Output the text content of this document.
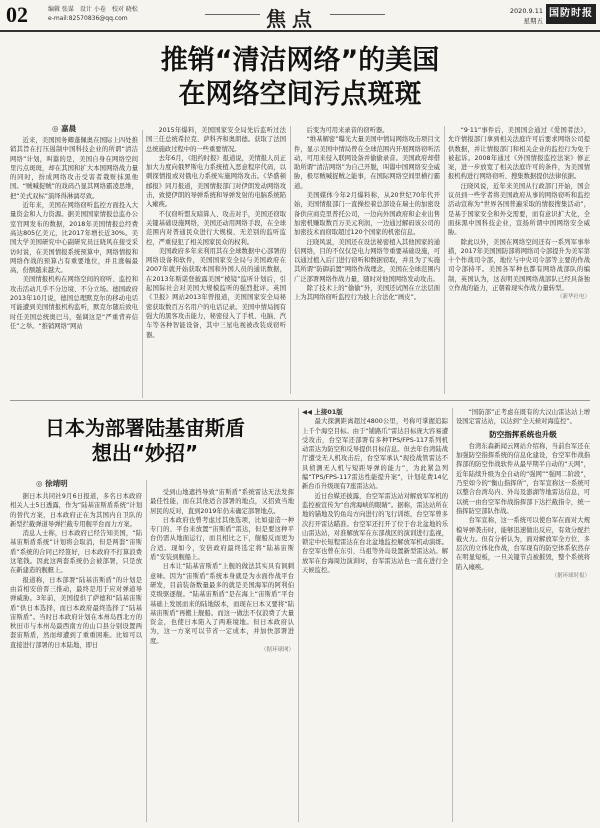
02	编辑 张谋　设计 小卷　校对 晓松
e-mail:82570836@qq.com	焦点	2020.9.11
星期五
国防时报
推销“清洁网络”的美国
在网络空间污点斑斑
◎ 嘉晨

近来，美国国务卿蓬佩奥在国际上四处推销其旨在打压遏制中国科技企业的所谓“清洁网络”计划，叫嚣的是，美国自身在网络空间里污点斑斑，却在其国和扩大本国网络战力量的同时，扮成网络攻击受害者栽赃抹黑他国。“贼喊捉贼”的戏码凸显其网络霸凌思维，把“美式双标”演绎得淋漓尽致。

近年来，美国在网络窃听监控方面投入大量资金和人力资源。据美国国家情报总监办公室官网发布的数据，2018年美国情报总经费高达805亿美元，比2017年增长近30%。美国大学美国研究中心副研究员汪晓风在接受采访时说，在美国情报系统预算中，网络情报和网络作战的预算占有重要地位，并且涨幅最高，份额越来越大。

美国情报机构在网络空间的窃听、监控和攻击活动几乎不分边境、不分立场。德国政府2013年10月说，德国总理默克尔的移动电话可能遭到美国情报机构监听，默克尔随后致电时任美国总统奥巴马，强调这是“严重背弃信任”之举。“推销网络”网站

2015年爆料，美国国家安全局先后监听过法国三任总统希拉克、萨科齐和奥朗德。获取了法国总统施政过程中的一些重要情况。

去年6月，《纽约时报》报道说，美情报人员正加大力度向俄罗斯电力系统植入恶意程序代码，以刺探情报或对俄电力系统实施网络攻击。《华盛顿邮报》同月报道，美国情报部门对伊朗发动网络攻击，致使伊朗的导弹系统和导弹发射的电脑系统陷入瘫痪。

不仅窃听盟友暗算人、攻击对手，美国还窃取关键基础设施网络，美国还动用网络手段，在全球范围内对普通民众进行大规模、无差别的监听监控，严重侵犯了相关国家民众的权利。

美国政府多年来利用其在全球数据中心部署的网络设备和软件，美国国家安全局与美国政府在2007年就开始获取本国和外国人员的通讯数据，在2013年斯诺登披露美国“棱镜”监听计划后，引起国际社会对美国大规模监听的强烈批评。英国《卫报》网站2013年曾报道，美国国家安全局秘密获取数百万名用户的电话记录。美国中情局拥有强大的黑客攻击能力，秘密侵入了手机、电脑、汽车等各种智能设备，其中三星电视被改装成窃听器。

后变为可用来录音的窃听器。

“维基解密”曝光大量美国中情局网络攻击项目文件，显示美国中情局曾在全球范围内开展网络窃听活动，可用来侵入联网设备并偷偷录音。美国政府却借助所谓“清洁网络”为自己开脱，叫嚣中国网络安全威胁，极尽贼喊捉贼之能事，在国际网络空间里横行霸道。

美国媒体今年2月爆料称，从20世纪70年代开始，美国情报部门一直操控着总部设在瑞士的加密设备供应商克里普托公司，一边向外国政府和企业出售加密机赚取数百万美元利润，一边通过解码该公司的加密技术而窃取超过120个国家的机密信息。

汪晓风说，美国还在设法秘密植入其他国家的通信网络，目的不仅仅是电力网络等重要基础设施，可以通过植入后门进行窃听和数据窃取，并且为了实施其所谓“防御前置”网络作战理念，美国在全球范围内广泛部署网络作战力量，随时对他国网络发动攻击。

除了技术上的“偷偷”外，美国还试图在立法层面上为其网络窃听监控行为披上合法化“画皮”。

“9·11”事件后，美国国会通过《爱国者法》，允许情报部门拿到相关法庭许可后要求网络公司提供数据，并让情报部门和相关企业的监控行为免于被起诉。2008年通过《外国情报监控法案》修正案，进一步放宽了相关法庭许可的条件，为美国情报机构进行网络窃听、搜集数据提供法律依据。

汪晓风说，近年来美国从行政部门开始，国会议员到一些学者将美国政府从事的网络窃听和监控活动宣称为“世界各国普遍采取的情报搜集活动”，是基于国家安全和外交需要，而有意识扩大化，全面抹黑中国科技企业，宣扬所谓中国网络安全威胁。

除此以外，美国在网络空间还有一系列军事举措，2017年美国国防部将网络司令部提升为美军第十个作战司令部，地位与中央司令部等主要的作战司令部持平。美国各军种也都有网络战部队的编制，英国认为，这表明美国网络战部队已经具备独立作战的能力，正朝着现实作战力量转型。

（新华社电）

日本为部署陆基宙斯盾
想出“妙招”
◎ 徐靖明

据日本共同社9月6日报道，多名日本政府相关人士5日透露，作为“陆基宙斯盾系统”计划的替代方案，日本政府正在为其国内自卫队的新型拦截弹道导弹拦截专用舰平台而力方案。

消息人士称，日本政府已经告知美国，“陆基宙斯盾系统”计划将会取消，但是两套“宙斯盾”系统的合同已经签好，日本政府不打算浪费这笔钱。因此这两套系统仍会被部署，只是放在新建造的舰艇上。

报道称，日本部署“陆基宙斯盾”的计划是由首相安倍晋三推动，最终是用于应对弹道导弹威胁。3年前，美国提供了萨德和“陆基宙斯盾”供日本选择，而日本政府最终选择了“陆基宙斯盾”。当时日本政府计划在本州岛西北方的秋田市与本州岛最西南方的山口县分别设置两套宙斯盾，然而却遭到了重重困难。比如可以直接进行部署的日本陆地，即日

受到山地遮挡导致“宙斯盾”系统雷达无法发挥最佳性能，而在其他适合部署的地点，又招致当地居民的反对，直到2019年仍未确定部署地点。

日本政府也曾考虑过其他选项，比如建造一种专门的、平台来放置“宙斯盾”雷达，但是要这种平台仍需从地面运行，而且相比之下，舰船反而更为合适。现如今，安倍政府最终选定将“陆基宙斯盾”安装到舰船上。

日本让“陆基宙斯盾”上舰的做法其实具有讽刺意味。因为“宙斯盾”系统本身就是为水面作战平台研发，目前装备数量最多的就是美国海军的阿利伯克级驱逐舰。“陆基宙斯盾”是在海上“宙斯盾”平台基础上发展而来的陆地版本，而现在日本又要将“陆基宙斯盾”再搬上舰船。而这一做法不仅浪费了大量资金，也使日本陷入了两难境地。但日本政府认为，这一方案可以节省一定成本，并加快部署进度。

（据环球网）

◀◀ 上接01版

最大探测距离超过4800公里，号称可掌握追踪上千个海空目标。由于“铺路爪”雷达目标庞大容易遭受攻击，台空军还部署有多种TPS/FPS-117系列机动雷达为防空和反导提供目标信息。但去年台湾陆战厅遭受无人机攻击后，台空军承认“现役战管雷达不具侦测无人机与短距导弹的能力”，为此紧急列编“TPS/FPS-117雷达性能提升案”，计划花费14亿新台币升级现有7座雷达站。

近日台媒还披露，台空军雷达站对解放军军机的监控被宣传为“台湾海峡的眼睛”。据称，雷达站所在地的锚地及钓鱼岛方向进行的飞行训练，台空军曾多次打开雷达瞄准。台空军还打开了位于台北盆地的乐山雷达站，对准解放军在东部战区的演训进行监视，锁定中长短程雷达在台北盆地监控解放军机动演练。台空军也曾在东引、马祖等外岛设置新型雷达站。解放军在台海周边演训时，台军雷达站也一直在进行全天候监控。

“国防部”正考虑在既有的大汉山雷达站上增设国定雷达站，以达到“全天候对海监控”。

防空指挥系统也升级

台湾东森新闻云网站介绍称，当前台军还在加强防空指挥系统的信息化建设，台空军作战指挥部的防空作战软件从最早期半自动的“天网”，近年陆续升级为全自动的“强网”“强网二阶段”，乃至如今的“衡山指挥所”，台军宣称这一系统可以整合台湾岛内、外岛及澎湖等地雷达信息，可以统一由台空军作战指挥部下达拦截指令，统一指挥防空部队作战。

台军宣称，这一系统可以使台军在面对大规模导弹袭击时，能够迅速做出反应，有效分配拦截火力。但有分析认为，面对解放军全方位、多层次的立体化作战，台军现有的防空体系依然存在明显短板，一旦关键节点被摧毁，整个系统将陷入瘫痪。

（据环球时报）
